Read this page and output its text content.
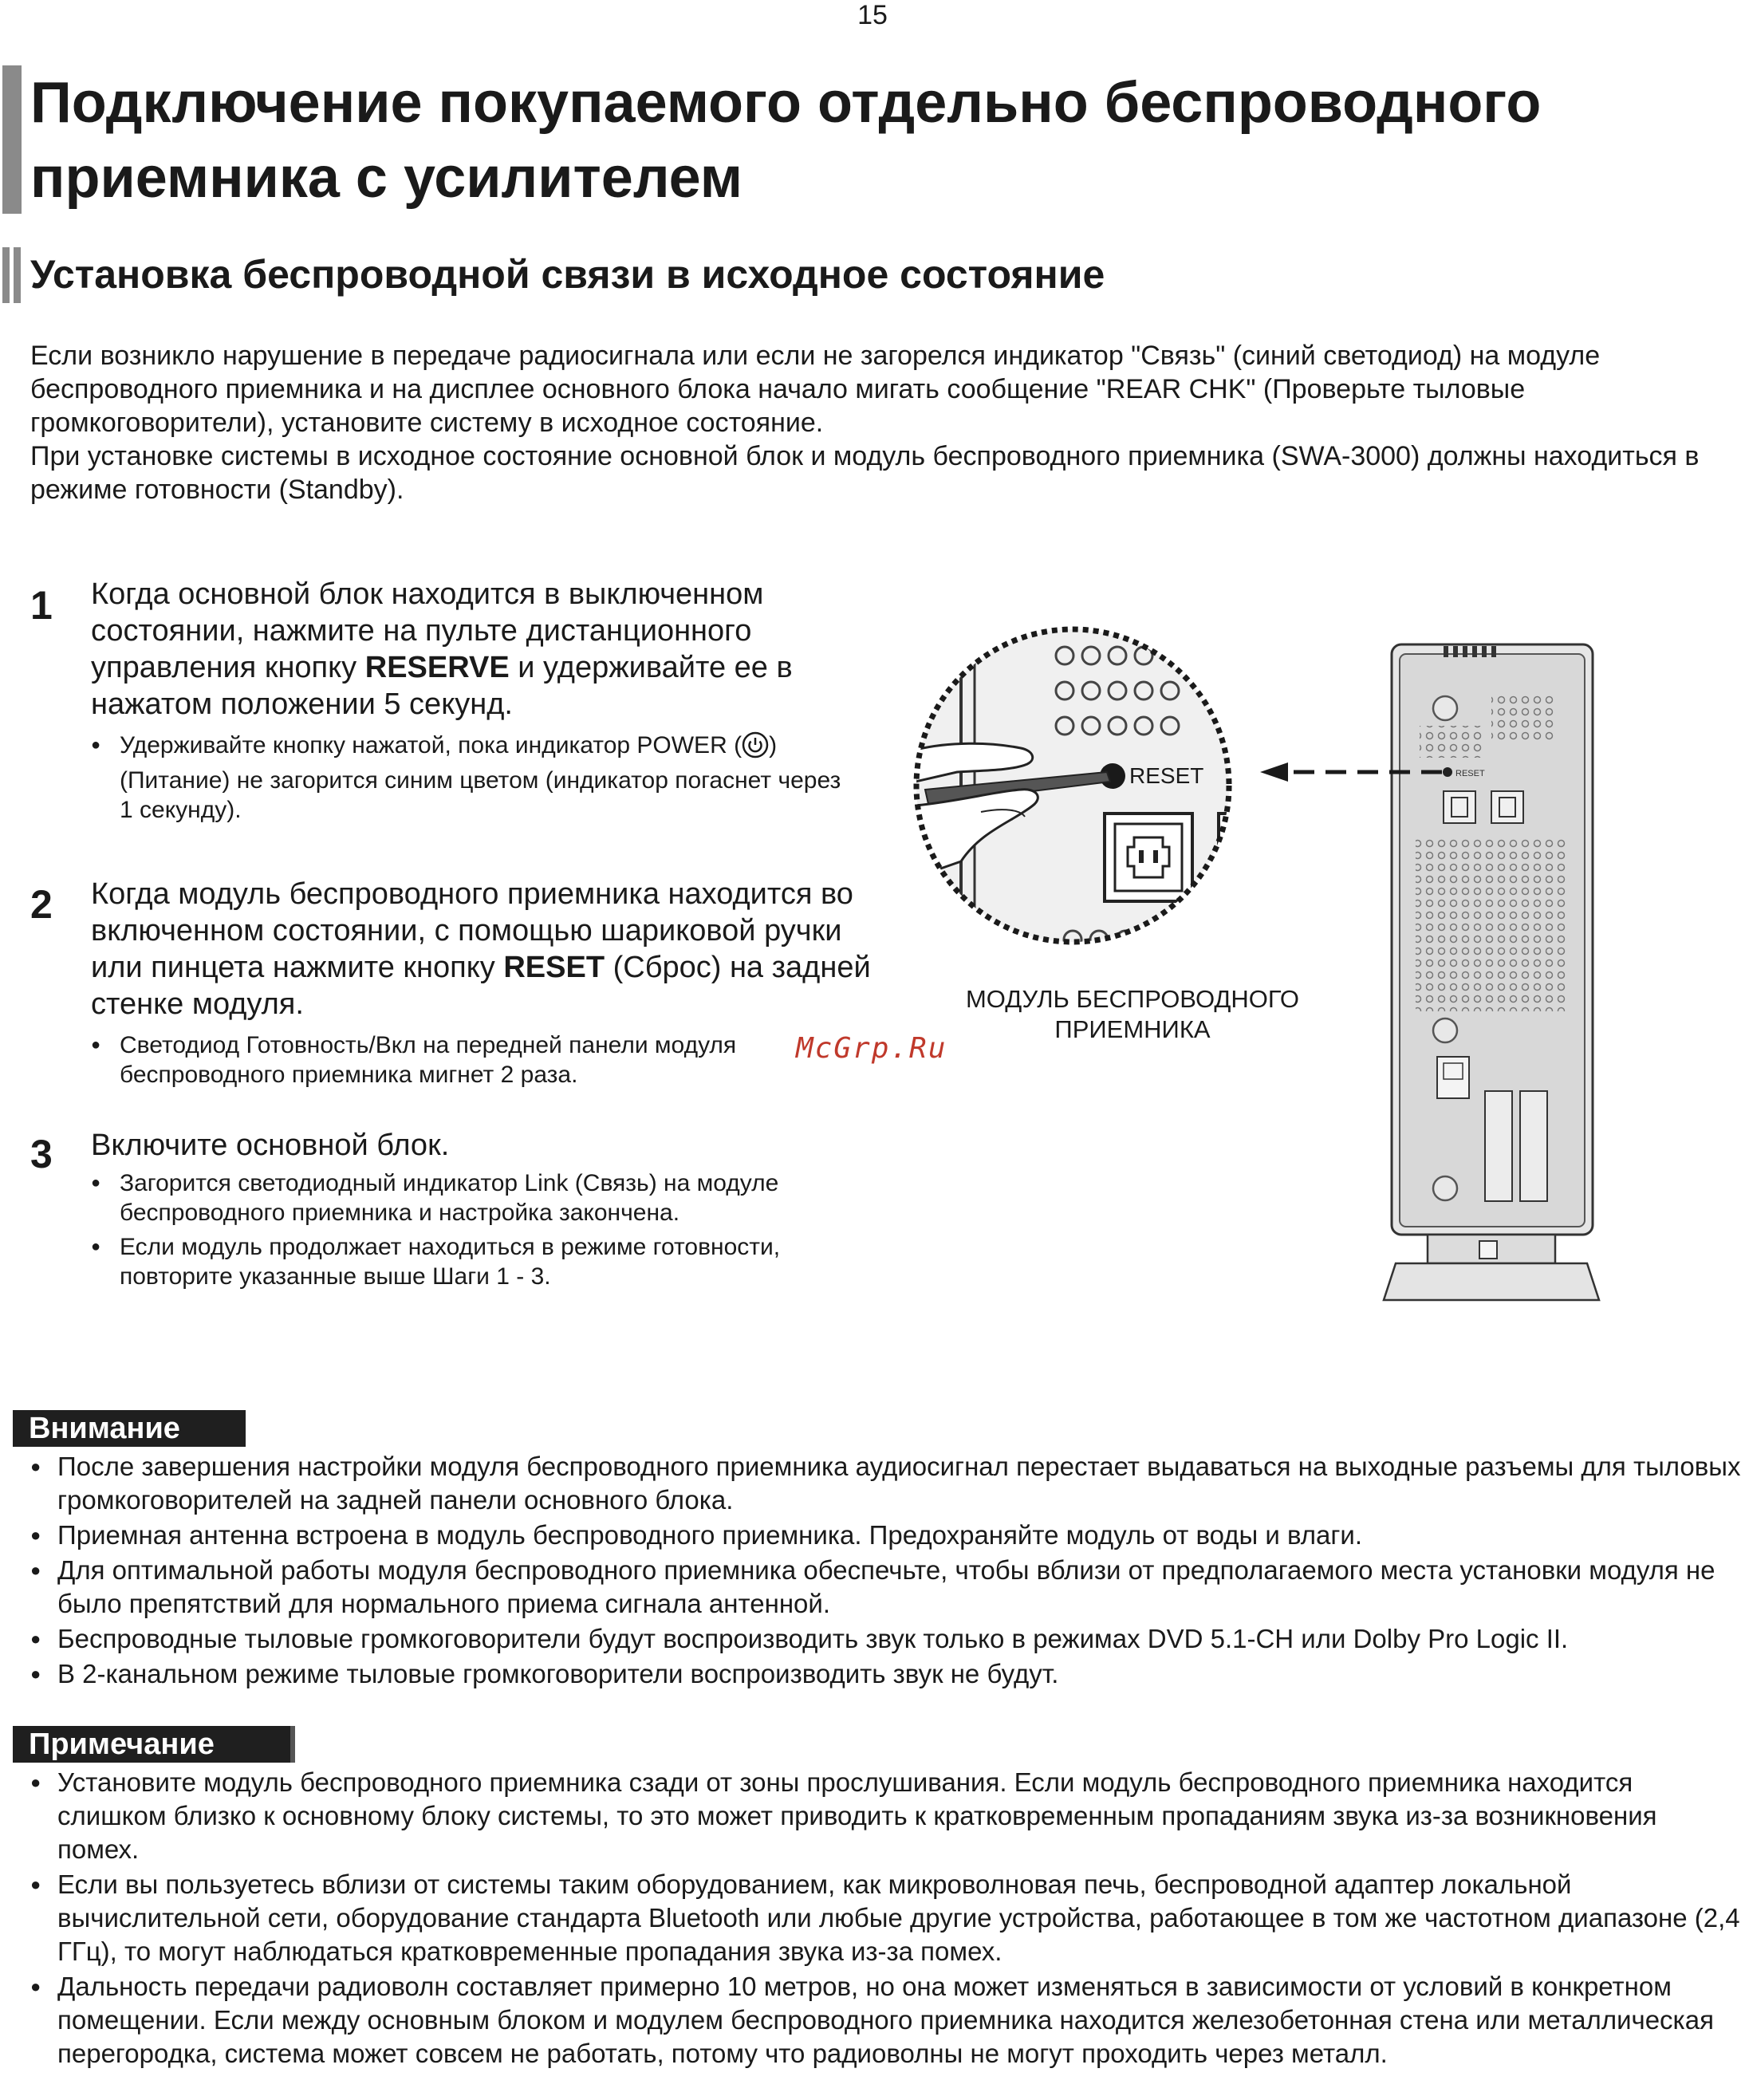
15
Подключение покупаемого отдельно беспроводного
приемника с усилителем
Установка беспроводной связи в исходное состояние

Если возникло нарушение в передаче радиосигнала или если не загорелся индикатор "Связь" (синий светодиод) на модуле беспроводного приемника и на дисплее основного блока начало мигать сообщение "REAR CHK" (Проверьте тыловые громкоговорители), установите систему в исходное состояние.

При установке системы в исходное состояние основной блок и модуль беспроводного приемника (SWA-3000) должны находиться в режиме готовности (Standby).

1 Когда основной блок находится в выключенном состоянии, нажмите на пульте дистанционного управления кнопку RESERVE и удерживайте ее в нажатом положении 5 секунд.
● Удерживайте кнопку нажатой, пока индикатор POWER ( ) (Питание) не загорится синим цветом (индикатор погаснет через 1 секунду).
2 Когда модуль беспроводного приемника находится во включенном состоянии, с помощью шариковой ручки или пинцета нажмите кнопку RESET (Сброс) на задней стенке модуля.
● Светодиод Готовность/Вкл на передней панели модуля беспроводного приемника мигнет 2 раза.
McGrp.Ru
3 Включите основной блок.
● Загорится светодиодный индикатор Link (Связь) на модуле беспроводного приемника и настройка закончена.
● Если модуль продолжает находиться в режиме готовности, повторите указанные выше Шаги 1 - 3.
RESET
RESET
МОДУЛЬ БЕСПРОВОДНОГО
ПРИЕМНИКА
Внимание
● После завершения настройки модуля беспроводного приемника аудиосигнал перестает выдаваться на выходные разъемы для тыловых громкоговорителей на задней панели основного блока.
● Приемная антенна встроена в модуль беспроводного приемника. Предохраняйте модуль от воды и влаги.
● Для оптимальной работы модуля беспроводного приемника обеспечьте, чтобы вблизи от предполагаемого места установки модуля не было препятствий для нормального приема сигнала антенной.
● Беспроводные тыловые громкоговорители будут воспроизводить звук только в режимах DVD 5.1-CH или Dolby Pro Logic II.
● В 2-канальном режиме тыловые громкоговорители воспроизводить звук не будут.
Примечание
● Установите модуль беспроводного приемника сзади от зоны прослушивания. Если модуль беспроводного приемника находится слишком близко к основному блоку системы, то это может приводить к кратковременным пропаданиям звука из-за возникновения помех.
● Если вы пользуетесь вблизи от системы таким оборудованием, как микроволновая печь, беспроводной адаптер локальной вычислительной сети, оборудование стандарта Bluetooth или любые другие устройства, работающее в том же частотном диапазоне (2,4 ГГц), то могут наблюдаться кратковременные пропадания звука из-за помех.
● Дальность передачи радиоволн составляет примерно 10 метров, но она может изменяться в зависимости от условий в конкретном помещении. Если между основным блоком и модулем беспроводного приемника находится железобетонная стена или металлическая перегородка, система может совсем не работать, потому что радиоволны не могут проходить через металл.
